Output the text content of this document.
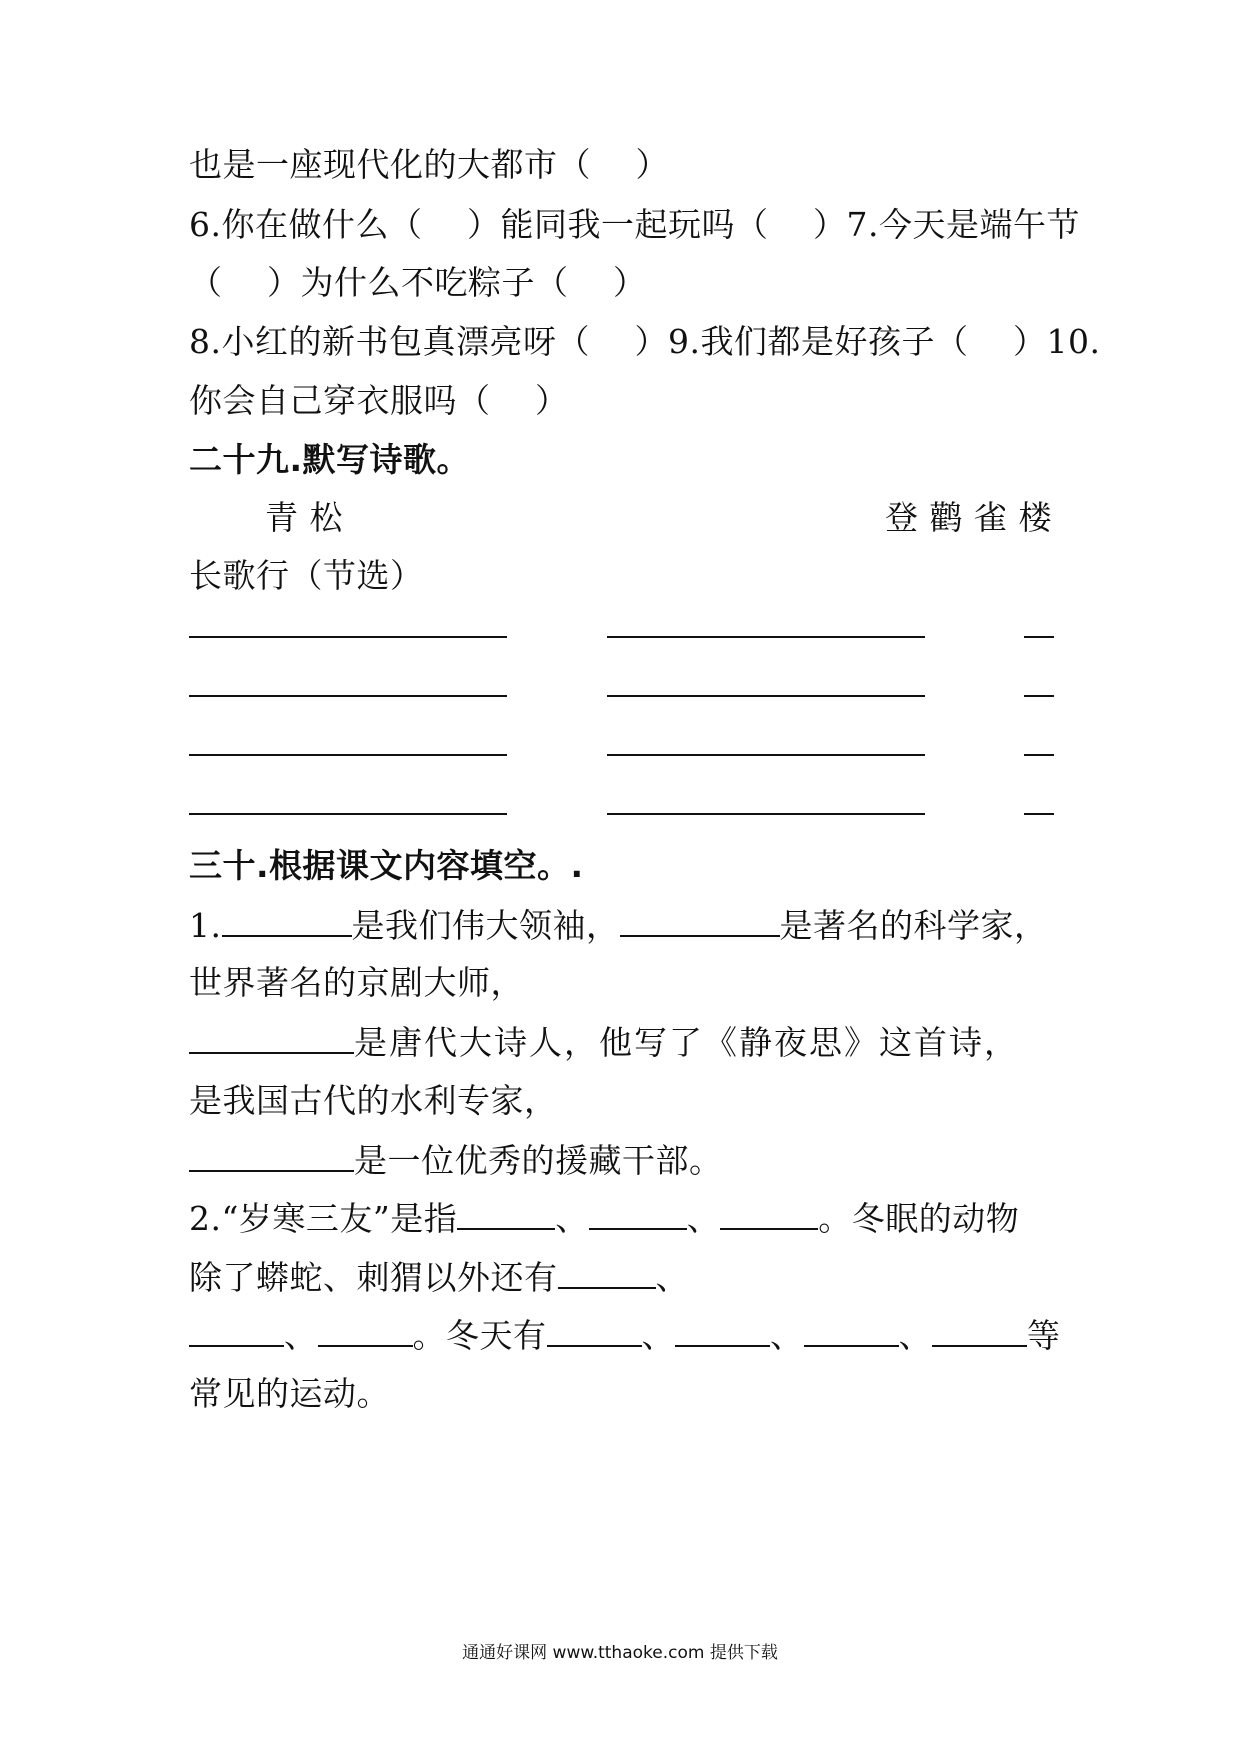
也是一座现代化的大都市（　 ）
6.你在做什么（　 ）能同我一起玩吗（　 ）7.今天是端午节
（　 ）为什么不吃粽子（　 ）
8.小红的新书包真漂亮呀（　 ）9.我们都是好孩子（　 ）10.
你会自己穿衣服吗（　 ）
二十九.默写诗歌。
青 松	登 鹳 雀 楼
长歌行（节选）
三十.根据课文内容填空。.
1.	是我们伟大领袖，	是著名的科学家，
世界著名的京剧大师，
是唐代大诗人，他写了《静夜思》这首诗，
是我国古代的水利专家，
是一位优秀的援藏干部。
2.“岁寒三友”是指	、	、	。冬眠的动物
除了蟒蛇、刺猬以外还有	、
、	。冬天有	、	、	、	等
常见的运动。
通通好课网 www.tthaoke.com 提供下载
